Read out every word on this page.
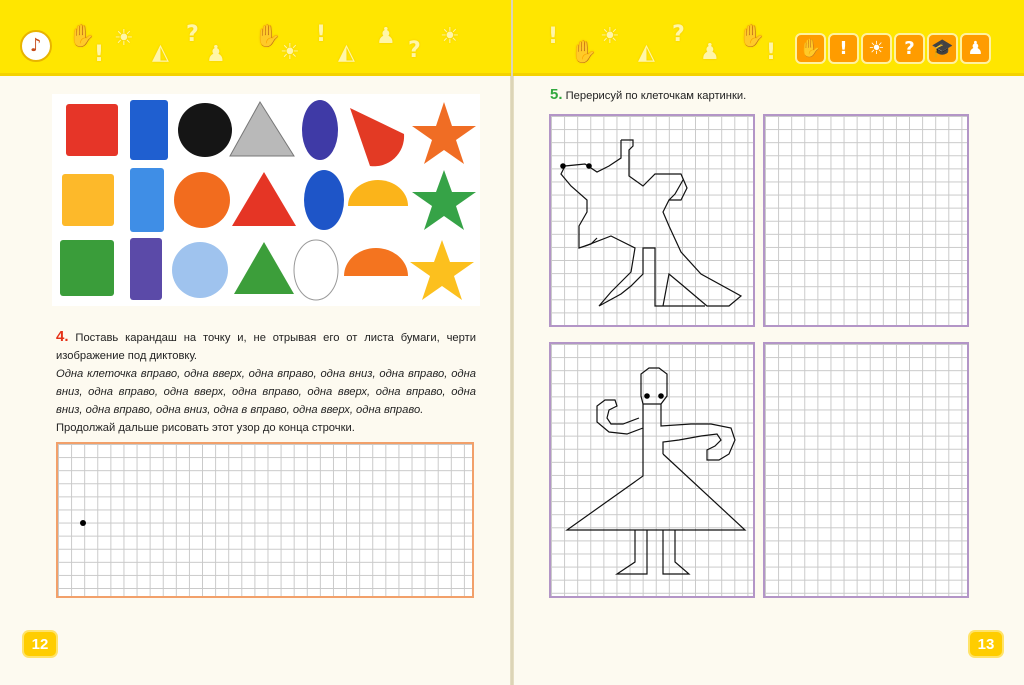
♪
✋
!
☀
◭
?
♟
✋
☀
!
◭
♟
?
☀	!
✋
☀
◭
?
♟
✋
! ✋ !	☀	? 🎓 ♟
4. Поставь карандаш на точку и, не отрывая его от листа бумаги, черти изображение под диктовку.
Одна клеточка вправо, одна вверх, одна вправо, одна вниз, одна вправо, одна вниз, одна вправо, одна вверх, одна вправо, одна вверх, одна вправо, одна вниз, одна вправо, одна вниз, одна в вправо, одна вверх, одна вправо.
Продолжай дальше рисовать этот узор до конца строчки.
5. Перерисуй по клеточкам картинки.
12	13
